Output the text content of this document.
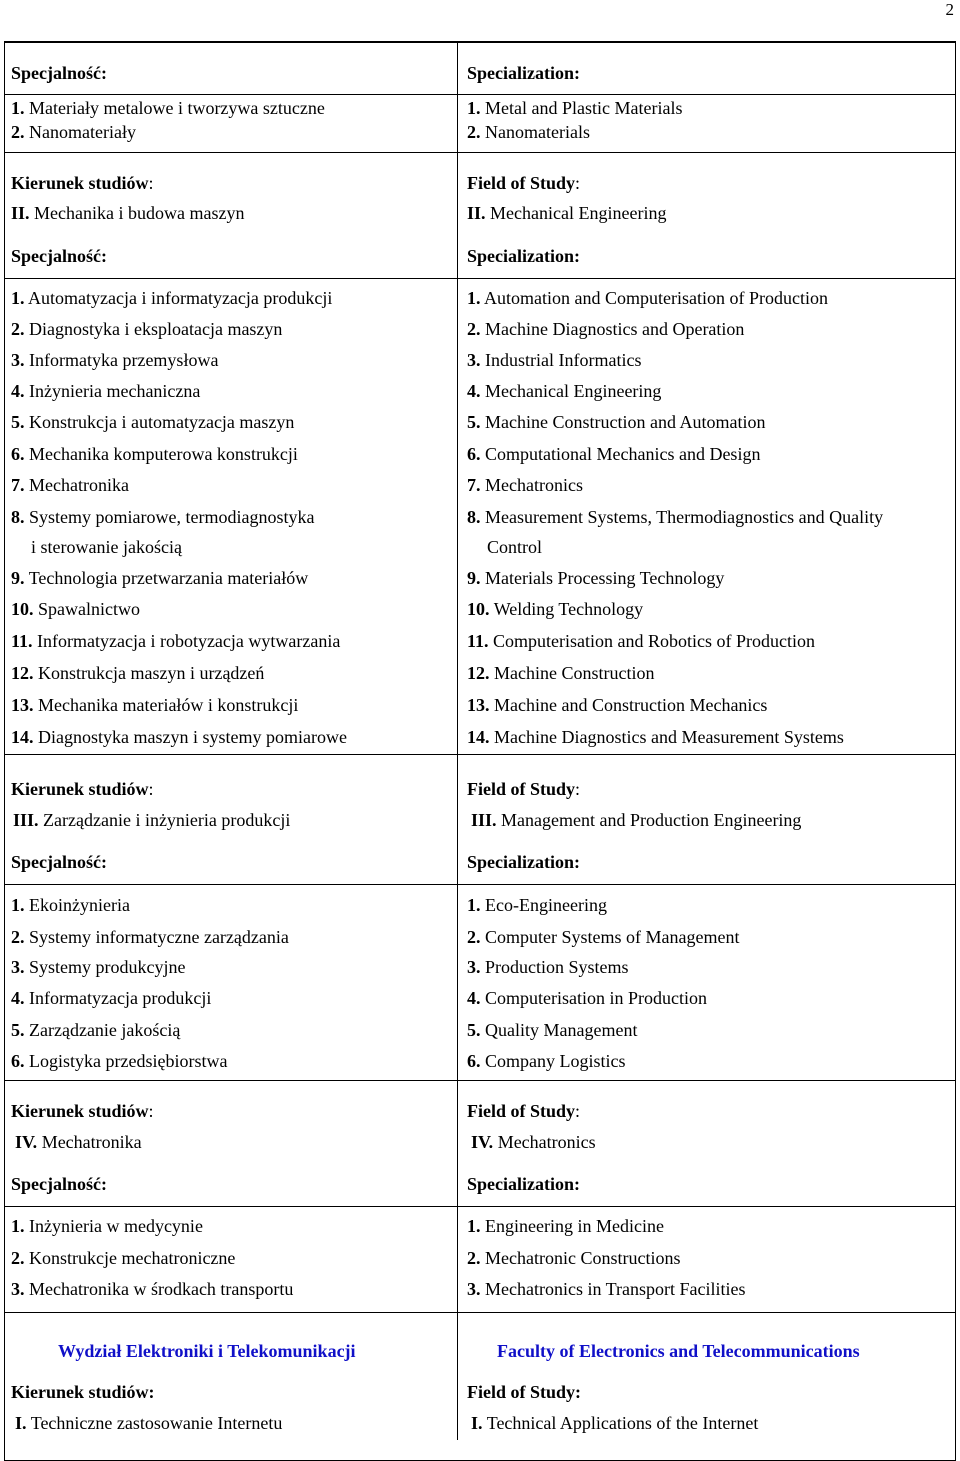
2
Specjalność:
1. Materiały metalowe i tworzywa sztuczne
2. Nanomateriały
Kierunek studiów:
II. Mechanika i budowa maszyn
Specjalność:
1. Automatyzacja i informatyzacja produkcji
2. Diagnostyka i eksploatacja maszyn
3. Informatyka przemysłowa
4. Inżynieria mechaniczna
5. Konstrukcja i automatyzacja maszyn
6. Mechanika komputerowa konstrukcji
7. Mechatronika
8. Systemy pomiarowe, termodiagnostyka
i sterowanie jakością
9. Technologia przetwarzania materiałów
10. Spawalnictwo
11. Informatyzacja i robotyzacja wytwarzania
12. Konstrukcja maszyn i urządzeń
13. Mechanika materiałów i konstrukcji
14. Diagnostyka maszyn i systemy pomiarowe
Kierunek studiów:
III. Zarządzanie i inżynieria produkcji
Specjalność:
1. Ekoinżynieria
2. Systemy informatyczne zarządzania
3. Systemy produkcyjne
4. Informatyzacja produkcji
5. Zarządzanie jakością
6. Logistyka przedsiębiorstwa
Kierunek studiów:
IV. Mechatronika
Specjalność:
1. Inżynieria w medycynie
2. Konstrukcje mechatroniczne
3. Mechatronika w środkach transportu
Wydział Elektroniki i Telekomunikacji
Kierunek studiów:
I. Techniczne zastosowanie Internetu
Specialization:
1. Metal and Plastic Materials
2. Nanomaterials
Field of Study:
II. Mechanical Engineering
Specialization:
1. Automation and Computerisation of Production
2. Machine Diagnostics and Operation
3. Industrial Informatics
4. Mechanical Engineering
5. Machine Construction and Automation
6. Computational Mechanics and Design
7. Mechatronics
8. Measurement Systems, Thermodiagnostics and Quality
Control
9. Materials Processing Technology
10. Welding Technology
11. Computerisation and Robotics of Production
12. Machine Construction
13. Machine and Construction Mechanics
14. Machine Diagnostics and Measurement Systems
Field of Study:
III. Management and Production Engineering
Specialization:
1. Eco-Engineering
2. Computer Systems of Management
3. Production Systems
4. Computerisation in Production
5. Quality Management
6. Company Logistics
Field of Study:
IV. Mechatronics
Specialization:
1. Engineering in Medicine
2. Mechatronic Constructions
3. Mechatronics in Transport Facilities
Faculty of Electronics and Telecommunications
Field of Study:
I. Technical Applications of the Internet
